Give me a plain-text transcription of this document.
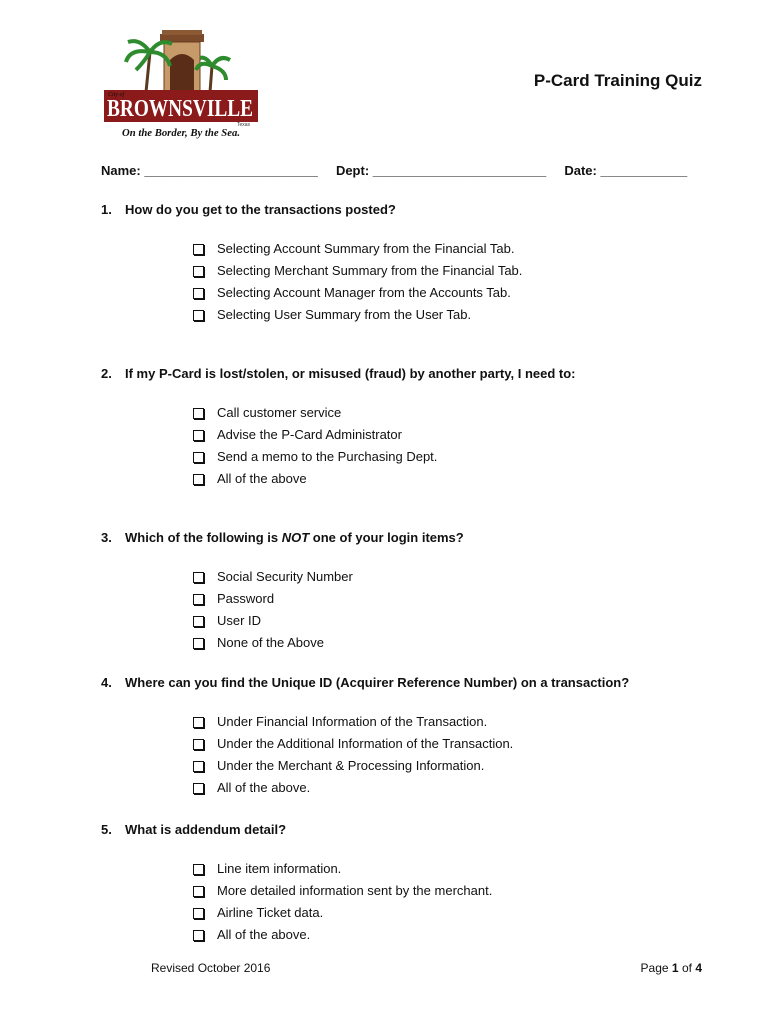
City of
BROWNSVILLE
Texas
On the Border, By the Sea.
P-Card Training Quiz
Name: ________________________ Dept: ________________________ Date: ____________
1. How do you get to the transactions posted?
Selecting Account Summary from the Financial Tab.
Selecting Merchant Summary from the Financial Tab.
Selecting Account Manager from the Accounts Tab.
Selecting User Summary from the User Tab.
2. If my P-Card is lost/stolen, or misused (fraud) by another party, I need to:
Call customer service
Advise the P-Card Administrator
Send a memo to the Purchasing Dept.
All of the above
3. Which of the following is NOT one of your login items?
Social Security Number
Password
User ID
None of the Above
4. Where can you find the Unique ID (Acquirer Reference Number) on a transaction?
Under Financial Information of the Transaction.
Under the Additional Information of the Transaction.
Under the Merchant & Processing Information.
All of the above.
5. What is addendum detail?
Line item information.
More detailed information sent by the merchant.
Airline Ticket data.
All of the above.
Revised October 2016	Page 1 of 4
